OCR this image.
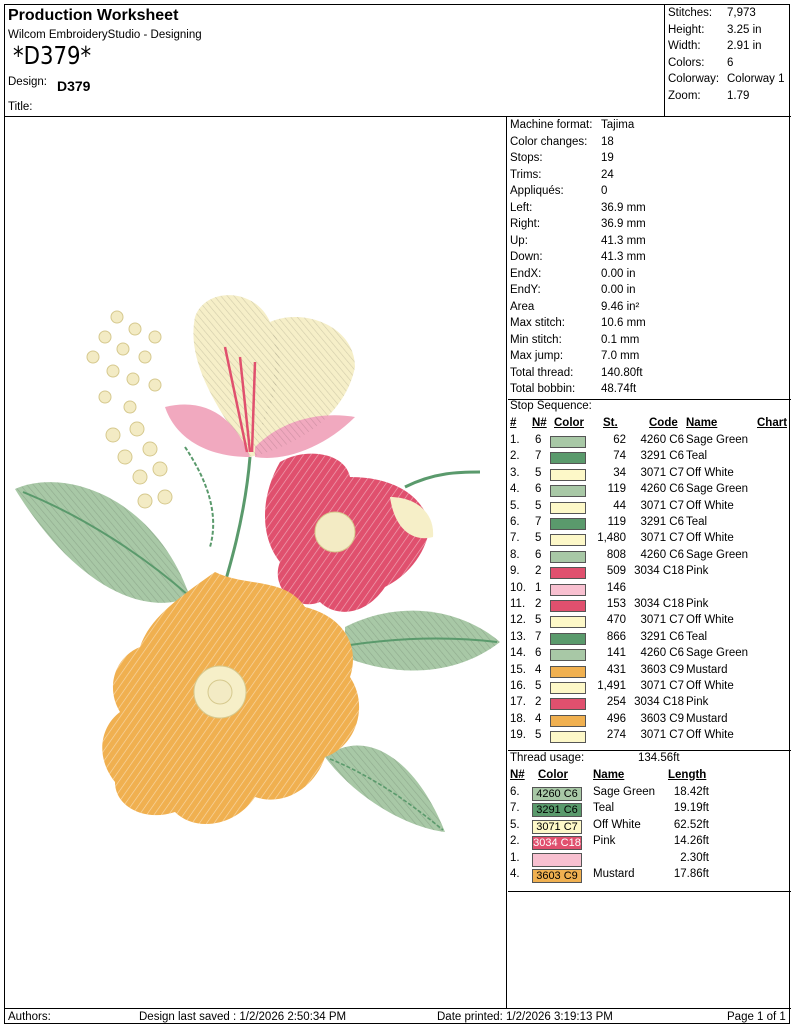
Production Worksheet
Wilcom EmbroideryStudio - Designing
*D379*
Design: D379
Title:
Stitches: 7,973
Height: 3.25 in
Width: 2.91 in
Colors: 6
Colorway: Colorway 1
Zoom: 1.79
Machine format: Tajima
Color changes: 18
Stops:	19
Trims:	24
Appliqués:	0
Left:	36.9 mm
Right:	36.9 mm
Up:	41.3 mm
Down:	41.3 mm
EndX:	0.00 in
EndY:	0.00 in
Area	9.46 in²
Max stitch:	10.6 mm
Min stitch:	0.1 mm
Max jump:	7.0 mm
Total thread: 140.80ft
Total bobbin: 48.74ft
Stop Sequence:
# N# Color St.	Code Name	Chart
1. 6	62 4260 C6 Sage Green
2. 7	74 3291 C6 Teal
3. 5	34 3071 C7 Off White
4. 6	119 4260 C6 Sage Green
5. 5	44 3071 C7 Off White
6. 7	119 3291 C6 Teal
7. 5	1,480 3071 C7 Off White
8. 6	808 4260 C6 Sage Green
9. 2	509 3034 C18 Pink
10. 1	146
11. 2	153 3034 C18 Pink
12. 5	470 3071 C7 Off White
13. 7	866 3291 C6 Teal
14. 6	141 4260 C6 Sage Green
15. 4	431 3603 C9 Mustard
16. 5	1,491 3071 C7 Off White
17. 2	254 3034 C18 Pink
18. 4	496 3603 C9 Mustard
19. 5	274 3071 C7 Off White
Thread usage:	134.56ft
N# Color Name	Length
6.	4260 C6	Sage Green 18.42ft
7.	3291 C6	Teal	19.19ft
5.	3071 C7	Off White	62.52ft
2. 3034 C18 Pink	14.26ft
1.	2.30ft
4.	3603 C9	Mustard	17.86ft
Authors:	Design last saved : 1/2/2026 2:50:34 PM	Date printed: 1/2/2026 3:19:13 PM	Page 1 of 1
